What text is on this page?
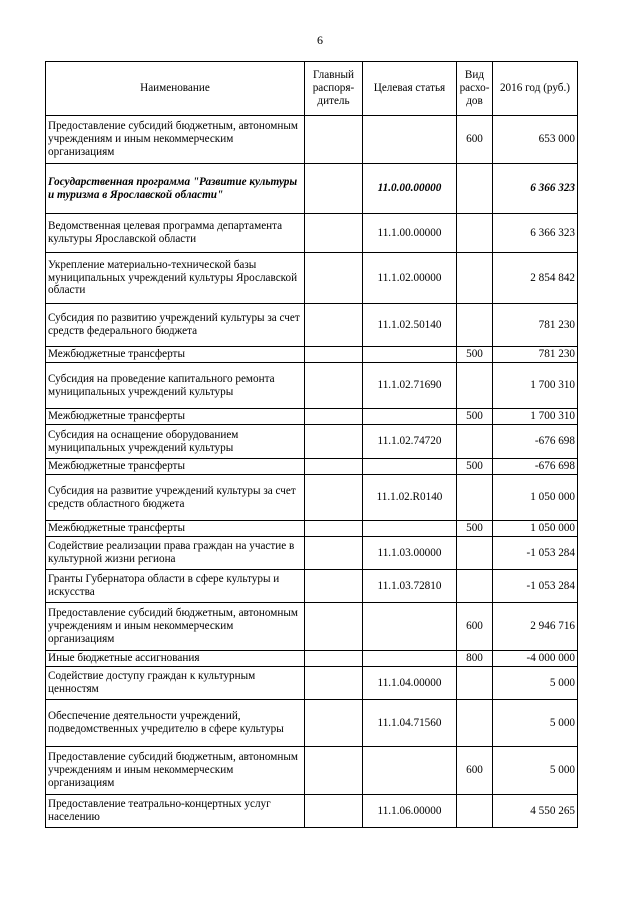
6
Наименование	Главный распоря-дитель	Целевая статья	Вид расхо-дов	2016 год (руб.)
Предоставление субсидий бюджетным, автономным учреждениям и иным некоммерческим организациям			600	653 000
Государственная программа "Развитие культуры и туризма в Ярославской области"		11.0.00.00000		6 366 323
Ведомственная целевая программа департамента культуры Ярославской области		11.1.00.00000		6 366 323
Укрепление материально-технической базы муниципальных учреждений культуры Ярославской области		11.1.02.00000		2 854 842
Субсидия по развитию учреждений культуры за счет средств федерального бюджета		11.1.02.50140		781 230
Межбюджетные трансферты			500	781 230
Субсидия на проведение капитального ремонта муниципальных учреждений культуры		11.1.02.71690		1 700 310
Межбюджетные трансферты			500	1 700 310
Субсидия на оснащение оборудованием муниципальных учреждений культуры		11.1.02.74720		-676 698
Межбюджетные трансферты			500	-676 698
Субсидия на развитие учреждений культуры за счет средств областного бюджета		11.1.02.R0140		1 050 000
Межбюджетные трансферты			500	1 050 000
Содействие реализации права граждан на участие в культурной жизни региона		11.1.03.00000		-1 053 284
Гранты Губернатора области в сфере культуры и искусства		11.1.03.72810		-1 053 284
Предоставление субсидий бюджетным, автономным учреждениям и иным некоммерческим организациям			600	2 946 716
Иные бюджетные ассигнования			800	-4 000 000
Содействие доступу граждан к культурным ценностям		11.1.04.00000		5 000
Обеспечение деятельности учреждений, подведомственных учредителю в сфере культуры		11.1.04.71560		5 000
Предоставление субсидий бюджетным, автономным учреждениям и иным некоммерческим организациям			600	5 000
Предоставление театрально-концертных услуг населению		11.1.06.00000		4 550 265
